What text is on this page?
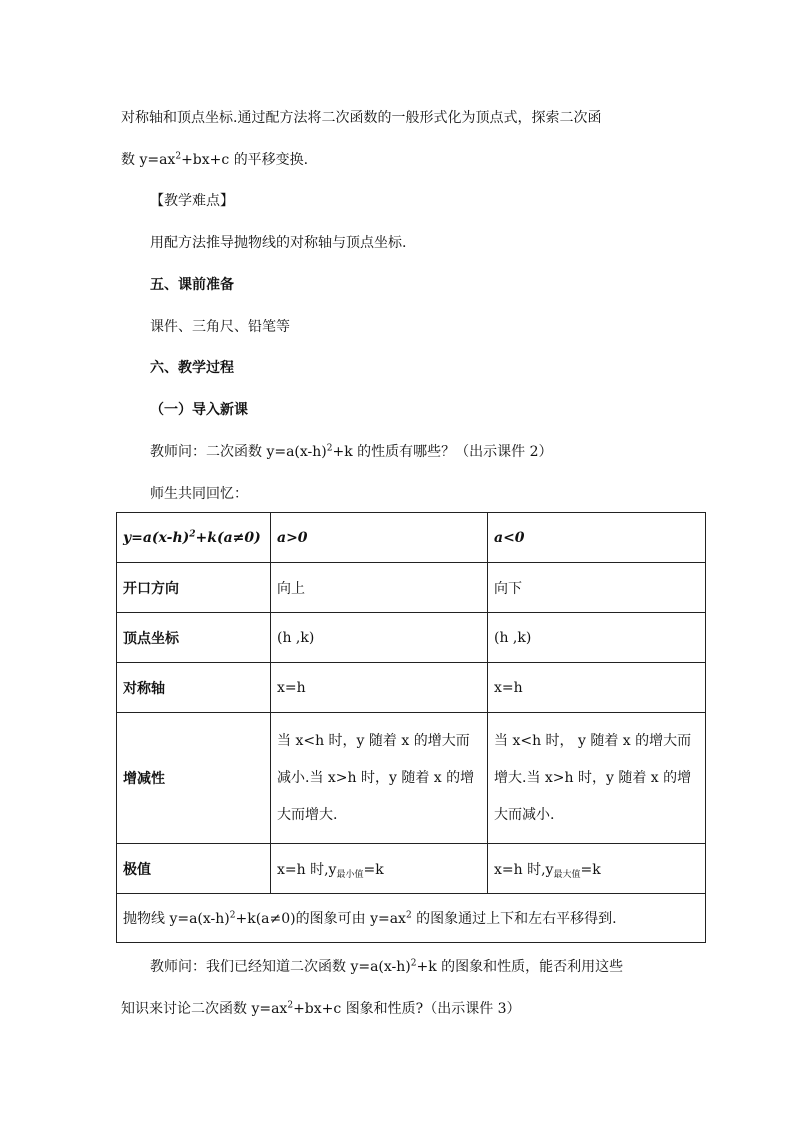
对称轴和顶点坐标.通过配方法将二次函数的一般形式化为顶点式，探索二次函
数 $y=ax^2+bx+c$ 的平移变换.
【教学难点】
用配方法推导抛物线的对称轴与顶点坐标.
五、课前准备
课件、三角尺、铅笔等
六、教学过程
（一）导入新课
教师问：二次函数 $y=a(x-h)^2+k$ 的性质有哪些？（出示课件 2）
师生共同回忆：
$y=a(x-h)^2+k(a\ne 0)$	a>0	a<0
开口方向	向上	向下
顶点坐标	(h ,k)	(h ,k)
对称轴	x=h	x=h
增减性	当 x<h 时，y 随着 x 的增大而减小.当 x>h 时，y 随着 x 的增大而增大.	当 x<h 时， y 随着 x 的增大而增大.当 x>h 时，y 随着 x 的增大而减小.
极值	x=h 时$,y_{最小值}=k$	x=h 时$,y_{最大值}=k$
抛物线 $y=a(x-h)^2+k(a\ne 0)$的图象可由 $y=ax^2$ 的图象通过上下和左右平移得到.		
教师问：我们已经知道二次函数 $y=a(x-h)^2+k$ 的图象和性质，能否利用这些
知识来讨论二次函数 $y=ax^2+bx+c$ 图象和性质?（出示课件 3）
